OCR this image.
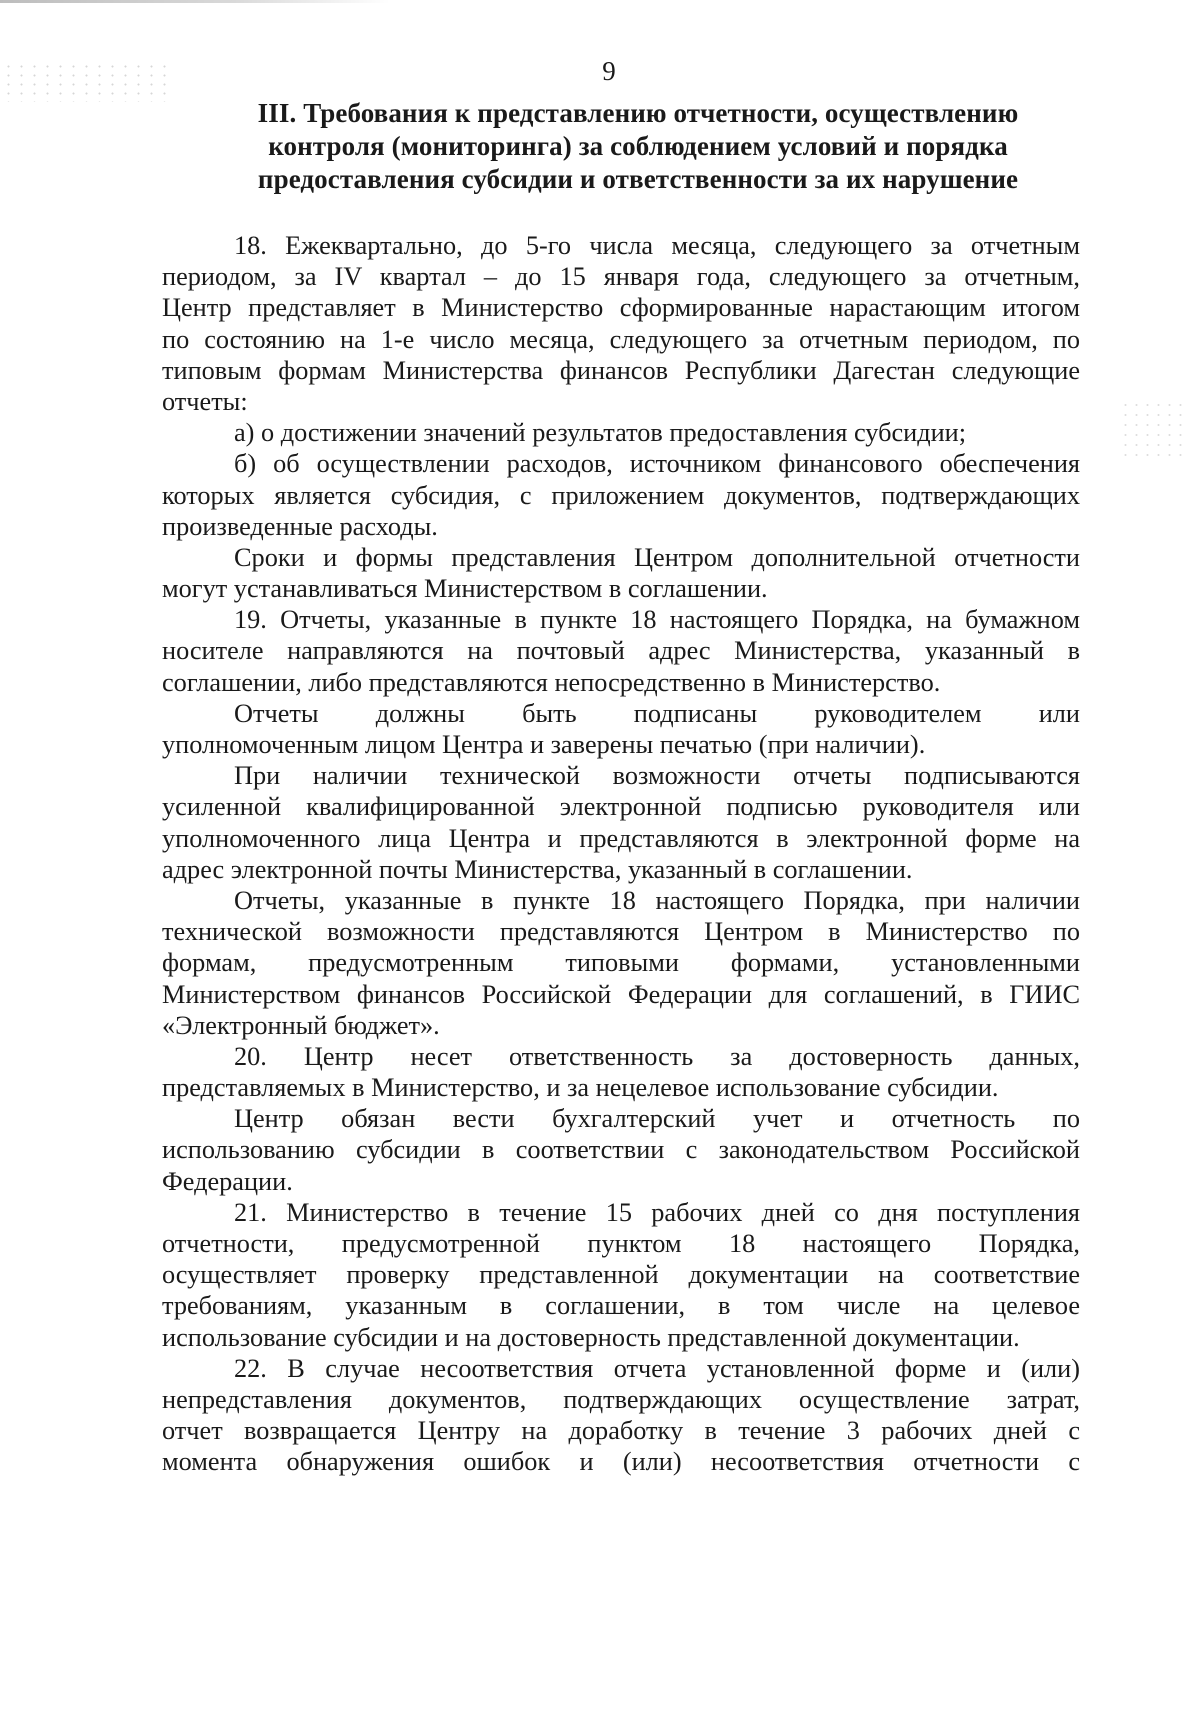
9
III. Требования к представлению отчетности, осуществлению
контроля (мониторинга) за соблюдением условий и порядка
предоставления субсидии и ответственности за их нарушение
18. Ежеквартально, до 5-го числа месяца, следующего за отчетным
периодом, за IV квартал – до 15 января года, следующего за отчетным,
Центр представляет в Министерство сформированные нарастающим итогом
по состоянию на 1-е число месяца, следующего за отчетным периодом, по
типовым формам Министерства финансов Республики Дагестан следующие
отчеты:
а) о достижении значений результатов предоставления субсидии;
б) об осуществлении расходов, источником финансового обеспечения
которых является субсидия, с приложением документов, подтверждающих
произведенные расходы.
Сроки и формы представления Центром дополнительной отчетности
могут устанавливаться Министерством в соглашении.
19. Отчеты, указанные в пункте 18 настоящего Порядка, на бумажном
носителе направляются на почтовый адрес Министерства, указанный в
соглашении, либо представляются непосредственно в Министерство.
Отчеты должны быть подписаны руководителем или
уполномоченным лицом Центра и заверены печатью (при наличии).
При наличии технической возможности отчеты подписываются
усиленной квалифицированной электронной подписью руководителя или
уполномоченного лица Центра и представляются в электронной форме на
адрес электронной почты Министерства, указанный в соглашении.
Отчеты, указанные в пункте 18 настоящего Порядка, при наличии
технической возможности представляются Центром в Министерство по
формам, предусмотренным типовыми формами, установленными
Министерством финансов Российской Федерации для соглашений, в ГИИС
«Электронный бюджет».
20. Центр несет ответственность за достоверность данных,
представляемых в Министерство, и за нецелевое использование субсидии.
Центр обязан вести бухгалтерский учет и отчетность по
использованию субсидии в соответствии с законодательством Российской
Федерации.
21. Министерство в течение 15 рабочих дней со дня поступления
отчетности, предусмотренной пунктом 18 настоящего Порядка,
осуществляет проверку представленной документации на соответствие
требованиям, указанным в соглашении, в том числе на целевое
использование субсидии и на достоверность представленной документации.
22. В случае несоответствия отчета установленной форме и (или)
непредставления документов, подтверждающих осуществление затрат,
отчет возвращается Центру на доработку в течение 3 рабочих дней с
момента обнаружения ошибок и (или) несоответствия отчетности с
